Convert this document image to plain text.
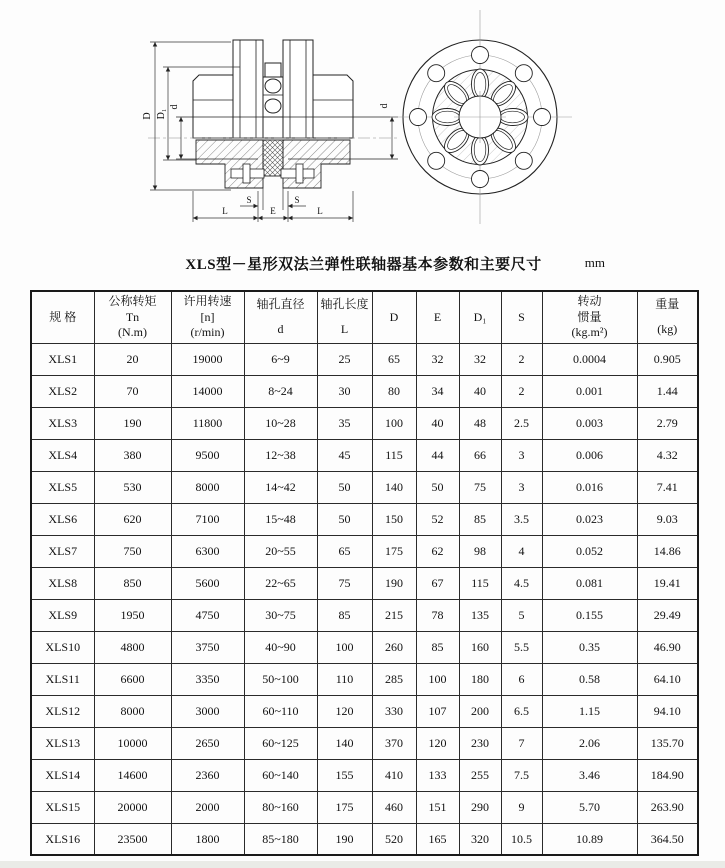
D D₁
d	d
S	S
L	E	L
XLS型－星形双法兰弹性联轴器基本参数和主要尺寸	mm
规 格

公称转矩
Tn
(N.m)

许用转速
[n]
(r/min)

轴孔直径
d

轴孔长度
L

D	E	D₁	S

转动
惯量
(kg.m²)

重量
(kg)

XLS1	20	19000	6~9	25	65	32	32	2	0.0004	0.905
XLS2	70	14000	8~24	30	80	34	40	2	0.001	1.44
XLS3	190	11800	10~28	35	100	40	48	2.5	0.003	2.79
XLS4	380	9500	12~38	45	115	44	66	3	0.006	4.32
XLS5	530	8000	14~42	50	140	50	75	3	0.016	7.41
XLS6	620	7100	15~48	50	150	52	85	3.5	0.023	9.03
XLS7	750	6300	20~55	65	175	62	98	4	0.052	14.86
XLS8	850	5600	22~65	75	190	67	115	4.5	0.081	19.41
XLS9	1950	4750	30~75	85	215	78	135	5	0.155	29.49
XLS10	4800	3750	40~90	100	260	85	160	5.5	0.35	46.90
XLS11	6600	3350	50~100	110	285	100	180	6	0.58	64.10
XLS12	8000	3000	60~110	120	330	107	200	6.5	1.15	94.10
XLS13	10000	2650	60~125	140	370	120	230	7	2.06	135.70
XLS14	14600	2360	60~140	155	410	133	255	7.5	3.46	184.90
XLS15	20000	2000	80~160	175	460	151	290	9	5.70	263.90
XLS16	23500	1800	85~180	190	520	165	320	10.5	10.89	364.50
